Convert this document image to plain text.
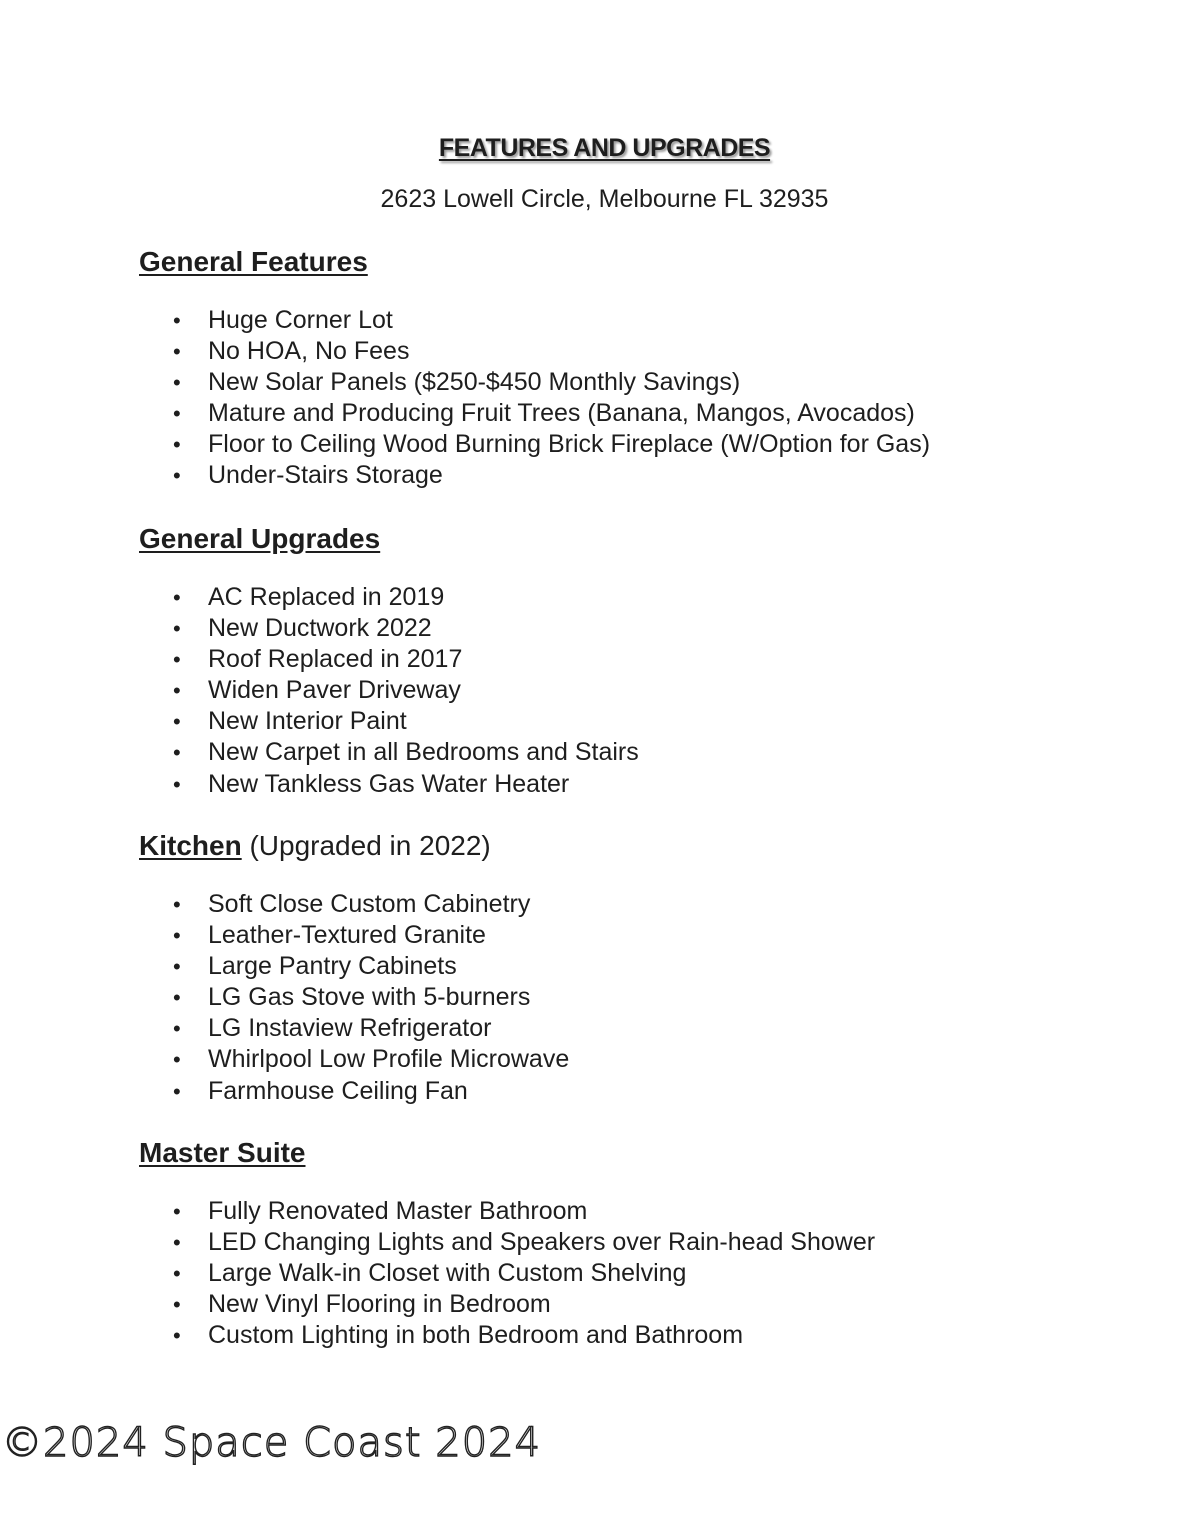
FEATURES AND UPGRADES
2623 Lowell Circle, Melbourne FL 32935
General Features
• Huge Corner Lot
• No HOA, No Fees
• New Solar Panels ($250-$450 Monthly Savings)
• Mature and Producing Fruit Trees (Banana, Mangos, Avocados)
• Floor to Ceiling Wood Burning Brick Fireplace (W/Option for Gas)
• Under-Stairs Storage
General Upgrades
• AC Replaced in 2019
• New Ductwork 2022
• Roof Replaced in 2017
• Widen Paver Driveway
• New Interior Paint
• New Carpet in all Bedrooms and Stairs
• New Tankless Gas Water Heater
Kitchen (Upgraded in 2022)
• Soft Close Custom Cabinetry
• Leather-Textured Granite
• Large Pantry Cabinets
• LG Gas Stove with 5-burners
• LG Instaview Refrigerator
• Whirlpool Low Profile Microwave
• Farmhouse Ceiling Fan
Master Suite
• Fully Renovated Master Bathroom
• LED Changing Lights and Speakers over Rain-head Shower
• Large Walk-in Closet with Custom Shelving
• New Vinyl Flooring in Bedroom
• Custom Lighting in both Bedroom and Bathroom
©2024 Space Coast 2024
